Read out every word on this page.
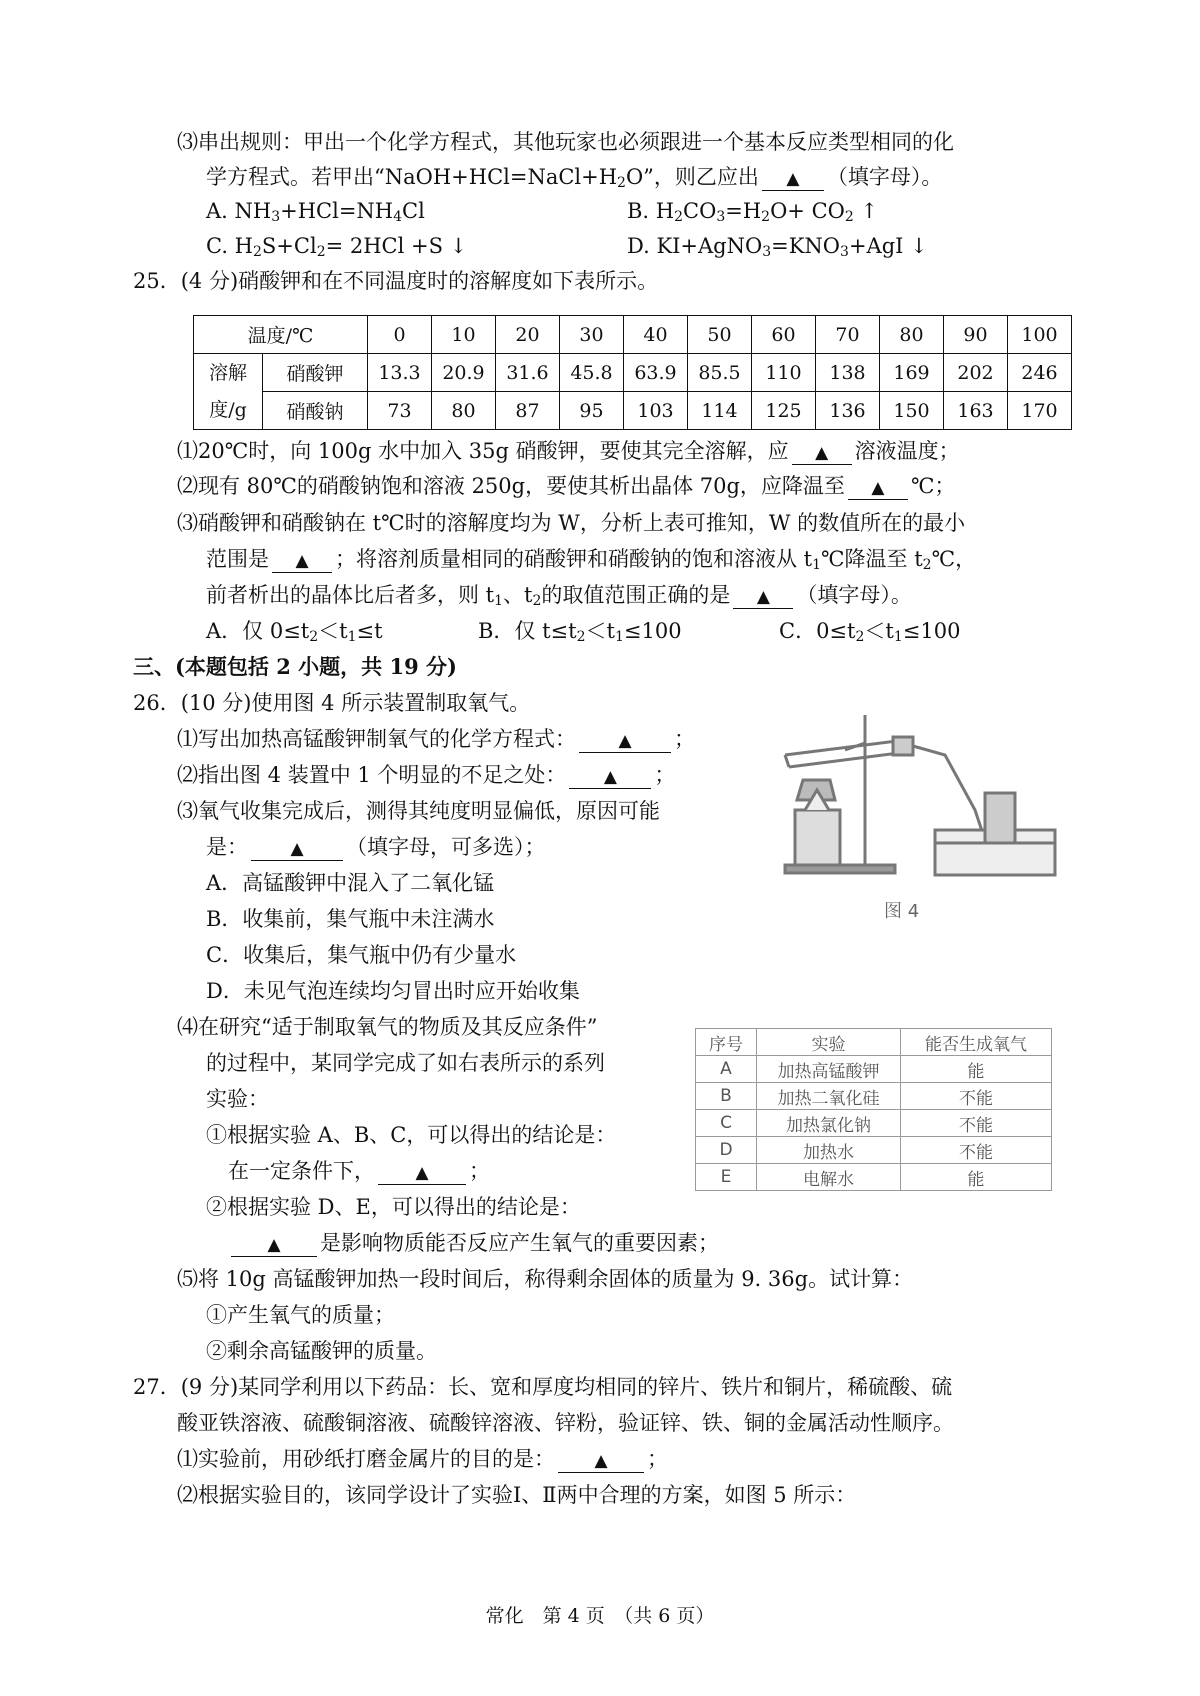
⑶串出规则：甲出一个化学方程式，其他玩家也必须跟进一个基本反应类型相同的化
学方程式。若甲出“$NaOH+HCl=NaCl+H_2O$”，则乙应出 ▲ （填字母）。
A. $NH_3+HCl=NH_4Cl$	B. $H_2CO_3=H_2O+ CO_2$ ↑
C. $H_2S+Cl_2= 2HCl +S$ ↓	D. $KI+AgNO_3=KNO_3+AgI$ ↓
25．(4 分)硝酸钾和在不同温度时的溶解度如下表所示。
温度/℃		0	10	20	30	40	50	60	70	80	90	100
溶解
度/g	硝酸钾	13.3	20.9	31.6	45.8	63.9	85.5	110	138	169	202	246
	硝酸钠	73	80	87	95	103	114	125	136	150	163	170
⑴20℃时，向 100g 水中加入 35g 硝酸钾，要使其完全溶解，应 ▲ 溶液温度；
⑵现有 80℃的硝酸钠饱和溶液 250g，要使其析出晶体 70g，应降温至 ▲ ℃；
⑶硝酸钾和硝酸钠在 t℃时的溶解度均为 W，分析上表可推知，W 的数值所在的最小
范围是 ▲ ；将溶剂质量相同的硝酸钾和硝酸钠的饱和溶液从 $t_1℃$降温至 $t_2℃$，
前者析出的晶体比后者多，则 $t_1$、$t_2$的取值范围正确的是 ▲ （填字母）。
A．仅 $0\le t_2<t_1\le t$	B．仅 $t\le t_2<t_1\le 100$	C．$0\le t_2<t_1\le 100$
三、(本题包括 2 小题，共 19 分)
26．(10 分)使用图 4 所示装置制取氧气。
⑴写出加热高锰酸钾制氧气的化学方程式： ▲ ；
⑵指出图 4 装置中 1 个明显的不足之处： ▲ ；
⑶氧气收集完成后，测得其纯度明显偏低，原因可能
是： ▲ （填字母，可多选）；
A．高锰酸钾中混入了二氧化锰
B．收集前，集气瓶中未注满水
C．收集后，集气瓶中仍有少量水
D．未见气泡连续均匀冒出时应开始收集
图 4
⑷在研究“适于制取氧气的物质及其反应条件”
的过程中，某同学完成了如右表所示的系列
实验：
①根据实验 A、B、C，可以得出的结论是：
在一定条件下， ▲ ；
②根据实验 D、E，可以得出的结论是：
▲ 是影响物质能否反应产生氧气的重要因素；
序号	实验	能否生成氧气
A	加热高锰酸钾	能
B	加热二氧化硅	不能
C	加热氯化钠	不能
D	加热水	不能
E	电解水	能
⑸将 10g 高锰酸钾加热一段时间后，称得剩余固体的质量为 9. 36g。试计算：
①产生氧气的质量；
②剩余高锰酸钾的质量。
27．(9 分)某同学利用以下药品：长、宽和厚度均相同的锌片、铁片和铜片，稀硫酸、硫
酸亚铁溶液、硫酸铜溶液、硫酸锌溶液、锌粉，验证锌、铁、铜的金属活动性顺序。
⑴实验前，用砂纸打磨金属片的目的是： ▲ ；
⑵根据实验目的，该同学设计了实验Ⅰ、Ⅱ两中合理的方案，如图 5 所示：
常化　第 4 页　（共 6 页）
